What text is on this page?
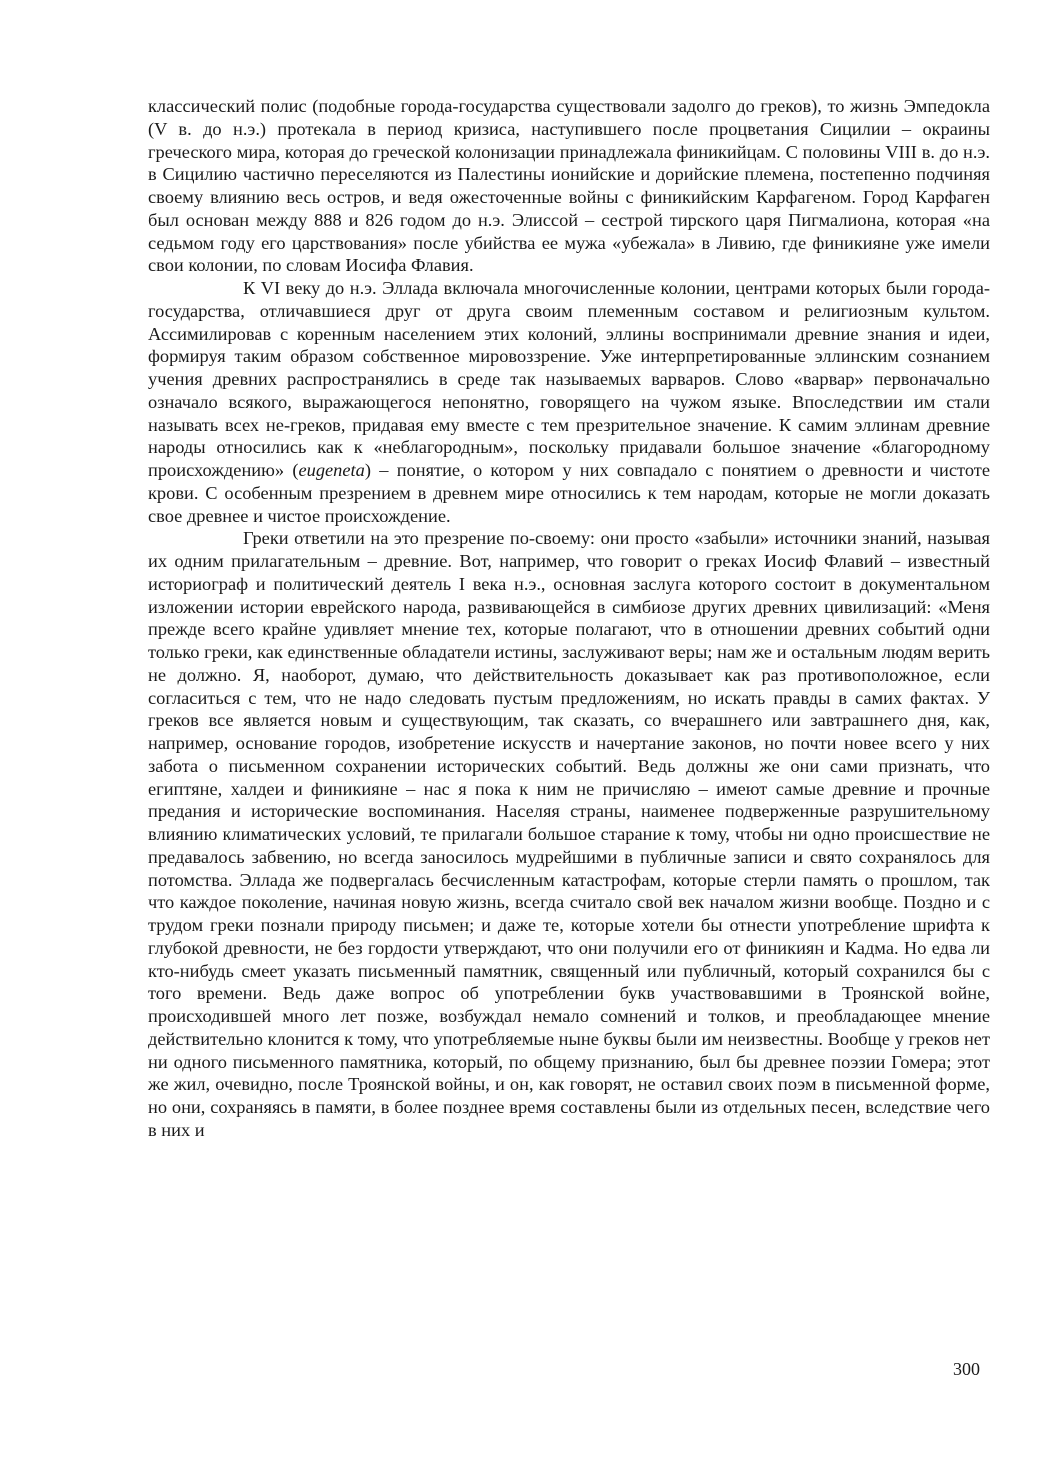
классический полис (подобные города-государства существовали задолго до греков), то жизнь Эмпедокла (V в. до н.э.) протекала в период кризиса, наступившего после процветания Сицилии – окраины греческого мира, которая до греческой колонизации принадлежала финикийцам. С половины VIII в. до н.э. в Сицилию частично переселяются из Палестины ионийские и дорийские племена, постепенно подчиняя своему влиянию весь остров, и ведя ожесточенные войны с финикийским Карфагеном. Город Карфаген был основан между 888 и 826 годом до н.э. Элиссой – сестрой тирского царя Пигмалиона, которая «на седьмом году его царствования» после убийства ее мужа «убежала» в Ливию, где финикияне уже имели свои колонии, по словам Иосифа Флавия.

К VI веку до н.э. Эллада включала многочисленные колонии, центрами которых были города-государства, отличавшиеся друг от друга своим племенным составом и религиозным культом. Ассимилировав с коренным населением этих колоний, эллины воспринимали древние знания и идеи, формируя таким образом собственное мировоззрение. Уже интерпретированные эллинским сознанием учения древних распространялись в среде так называемых варваров. Слово «варвар» первоначально означало всякого, выражающегося непонятно, говорящего на чужом языке. Впоследствии им стали называть всех не-греков, придавая ему вместе с тем презрительное значение. К самим эллинам древние народы относились как к «неблагородным», поскольку придавали большое значение «благородному происхождению» (eugeneta) – понятие, о котором у них совпадало с понятием о древности и чистоте крови. С особенным презрением в древнем мире относились к тем народам, которые не могли доказать свое древнее и чистое происхождение.

Греки ответили на это презрение по-своему: они просто «забыли» источники знаний, называя их одним прилагательным – древние. Вот, например, что говорит о греках Иосиф Флавий – известный историограф и политический деятель I века н.э., основная заслуга которого состоит в документальном изложении истории еврейского народа, развивающейся в симбиозе других древних цивилизаций: «Меня прежде всего крайне удивляет мнение тех, которые полагают, что в отношении древних событий одни только греки, как единственные обладатели истины, заслуживают веры; нам же и остальным людям верить не должно. Я, наоборот, думаю, что действительность доказывает как раз противоположное, если согласиться с тем, что не надо следовать пустым предложениям, но искать правды в самих фактах. У греков все является новым и существующим, так сказать, со вчерашнего или завтрашнего дня, как, например, основание городов, изобретение искусств и начертание законов, но почти новее всего у них забота о письменном сохранении исторических событий. Ведь должны же они сами признать, что египтяне, халдеи и финикияне – нас я пока к ним не причисляю – имеют самые древние и прочные предания и исторические воспоминания. Населяя страны, наименее подверженные разрушительному влиянию климатических условий, те прилагали большое старание к тому, чтобы ни одно происшествие не предавалось забвению, но всегда заносилось мудрейшими в публичные записи и свято сохранялось для потомства. Эллада же подвергалась бесчисленным катастрофам, которые стерли память о прошлом, так что каждое поколение, начиная новую жизнь, всегда считало свой век началом жизни вообще. Поздно и с трудом греки познали природу письмен; и даже те, которые хотели бы отнести употребление шрифта к глубокой древности, не без гордости утверждают, что они получили его от финикиян и Кадма. Но едва ли кто-нибудь смеет указать письменный памятник, священный или публичный, который сохранился бы с того времени. Ведь даже вопрос об употреблении букв участвовавшими в Троянской войне, происходившей много лет позже, возбуждал немало сомнений и толков, и преобладающее мнение действительно клонится к тому, что употребляемые ныне буквы были им неизвестны. Вообще у греков нет ни одного письменного памятника, который, по общему признанию, был бы древнее поэзии Гомера; этот же жил, очевидно, после Троянской войны, и он, как говорят, не оставил своих поэм в письменной форме, но они, сохраняясь в памяти, в более позднее время составлены были из отдельных песен, вследствие чего в них и

300
